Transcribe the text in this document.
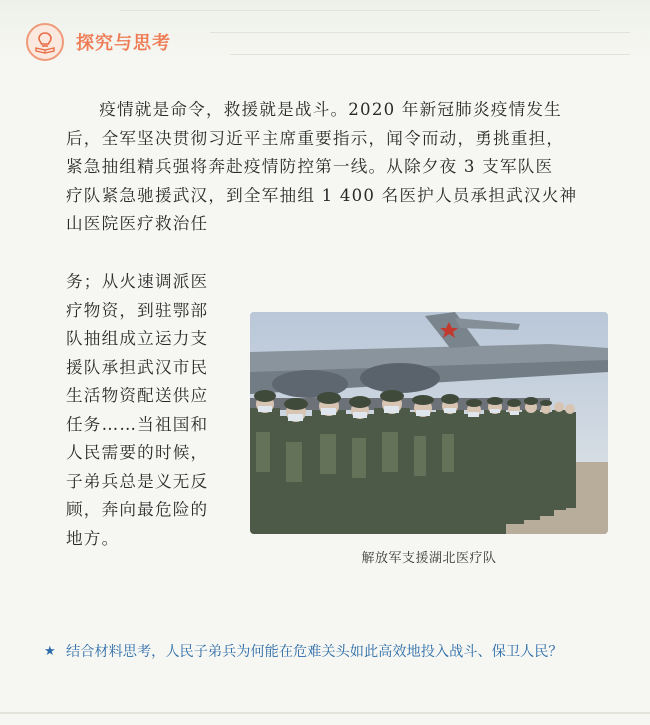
探究与思考

疫情就是命令，救援就是战斗。2020 年新冠肺炎疫情发生

后，全军坚决贯彻习近平主席重要指示，闻令而动，勇挑重担，
紧急抽组精兵强将奔赴疫情防控第一线。从除夕夜 3 支军队医
疗队紧急驰援武汉，到全军抽组 1 400 名医护人员承担武汉火神
山医院医疗救治任
务；从火速调派医
疗物资，到驻鄂部
队抽组成立运力支
援队承担武汉市民
生活物资配送供应
任务……当祖国和
人民需要的时候，
子弟兵总是义无反
顾，奔向最危险的
地方。
解放军支援湖北医疗队
★ 结合材料思考，人民子弟兵为何能在危难关头如此高效地投入战斗、保卫人民？
